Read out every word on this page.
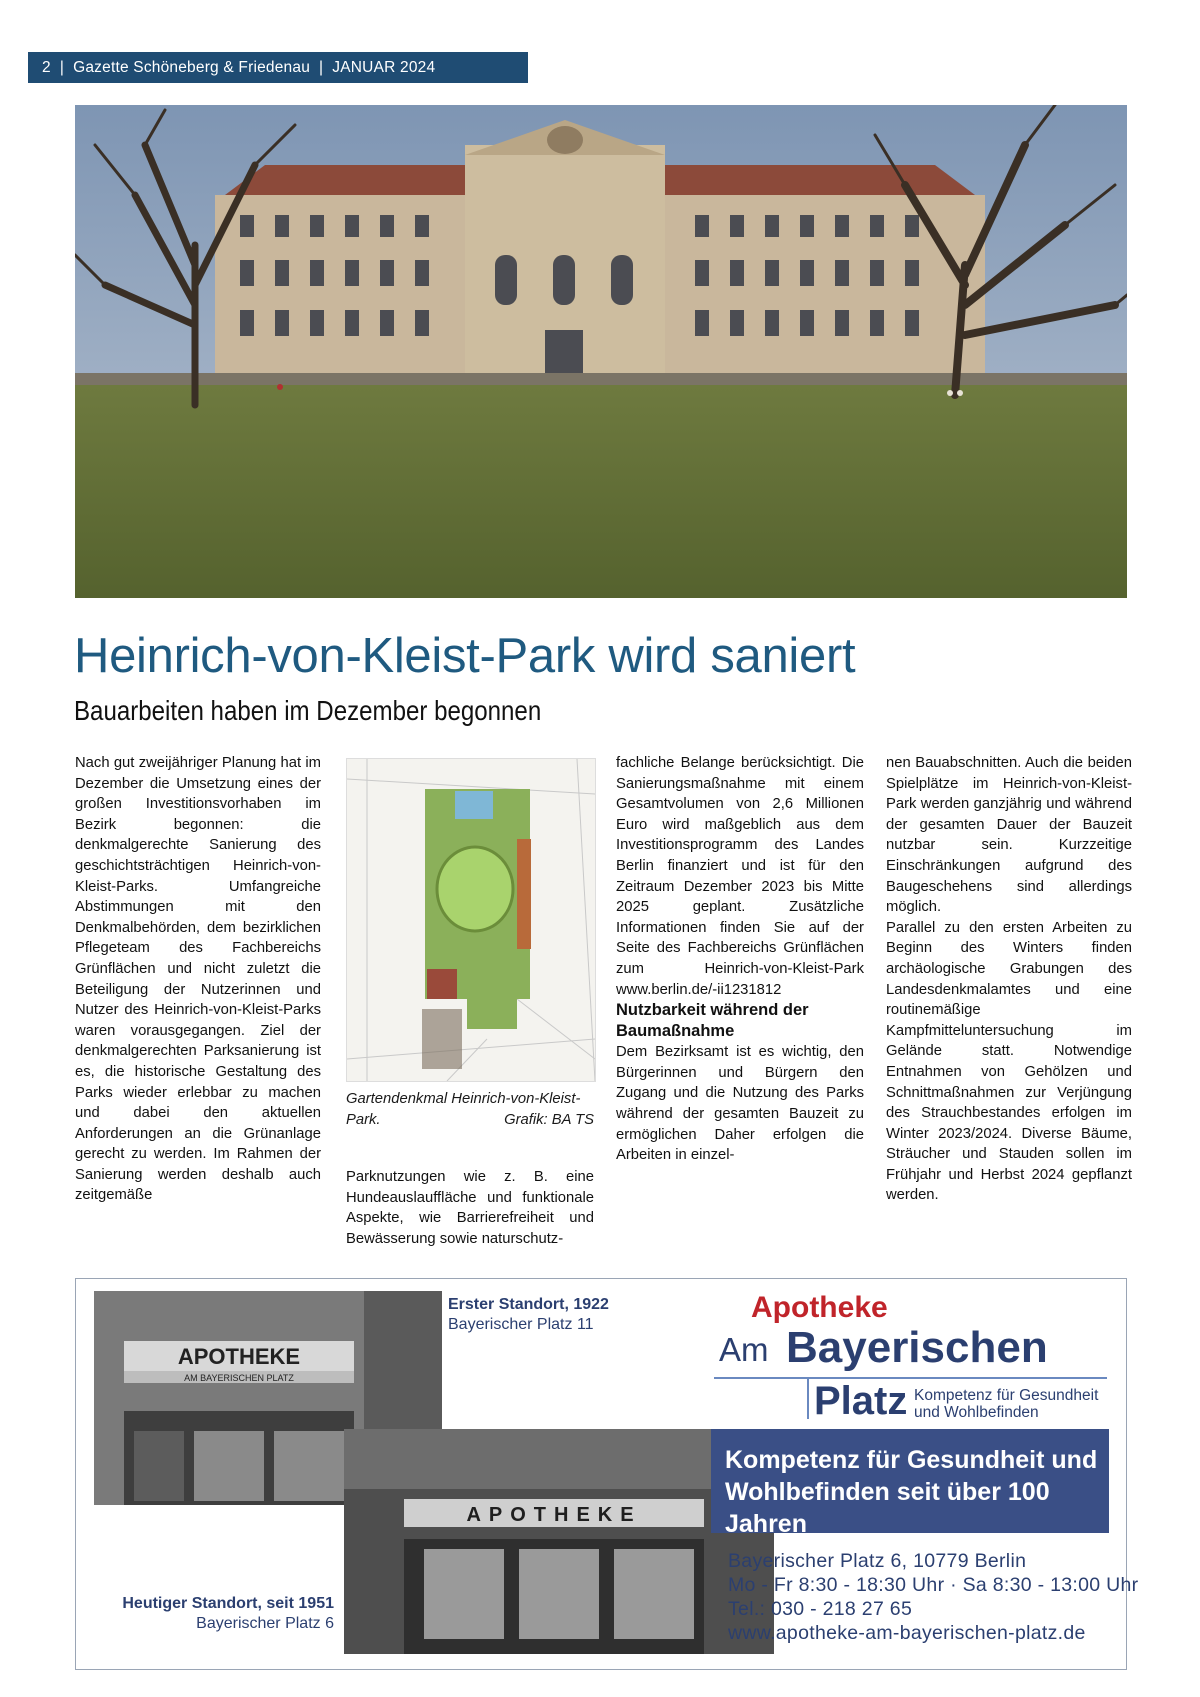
2  |  Gazette Schöneberg & Friedenau  |  JANUAR 2024
Heinrich-von-Kleist-Park wird saniert
Bauarbeiten haben im Dezember begonnen

Nach gut zweijähriger Planung hat im Dezember die Umsetzung eines der großen Investitionsvorhaben im Bezirk begonnen: die denkmalgerechte Sanierung des geschichtsträchtigen Heinrich-von-Kleist-Parks. Umfangreiche Abstimmungen mit den Denkmalbehörden, dem bezirklichen Pflegeteam des Fachbereichs Grünflächen und nicht zuletzt die Beteiligung der Nutzerinnen und Nutzer des Heinrich-von-Kleist-Parks waren vorausgegangen. Ziel der denkmalgerechten Parksanierung ist es, die historische Gestaltung des Parks wieder erlebbar zu machen und dabei den aktuellen Anforderungen an die Grünanlage gerecht zu werden. Im Rahmen der Sanierung werden deshalb auch zeitgemäße

Gartendenkmal Heinrich-von-Kleist-Park.	Grafik: BA TS

Parknutzungen wie z. B. eine Hundeauslauffläche und funktionale Aspekte, wie Barrierefreiheit und Bewässerung sowie naturschutz-

fachliche Belange berücksichtigt. Die Sanierungsmaßnahme mit einem Gesamtvolumen von 2,6 Millionen Euro wird maßgeblich aus dem Investitionsprogramm des Landes Berlin finanziert und ist für den Zeitraum Dezember 2023 bis Mitte 2025 geplant. Zusätzliche Informationen finden Sie auf der Seite des Fachbereichs Grünflächen zum Heinrich-von-Kleist-Park www.berlin.de/-ii1231812

Nutzbarkeit während der Baumaßnahme

Dem Bezirksamt ist es wichtig, den Bürgerinnen und Bürgern den Zugang und die Nutzung des Parks während der gesamten Bauzeit zu ermöglichen Daher erfolgen die Arbeiten in einzel-

nen Bauabschnitten. Auch die beiden Spielplätze im Heinrich-von-Kleist-Park werden ganzjährig und während der gesamten Dauer der Bauzeit nutzbar sein. Kurzzeitige Einschränkungen aufgrund des Baugeschehens sind allerdings möglich.

Parallel zu den ersten Arbeiten zu Beginn des Winters finden archäologische Grabungen des Landesdenkmalamtes und eine routinemäßige Kampfmitteluntersuchung im Gelände statt. Notwendige Entnahmen von Gehölzen und Schnittmaßnahmen zur Verjüngung des Strauchbestandes erfolgen im Winter 2023/2024. Diverse Bäume, Sträucher und Stauden sollen im Frühjahr und Herbst 2024 gepflanzt werden.

APOTHEKE
AM BAYERISCHEN PLATZ
APOTHEKE
Erster Standort, 1922
Bayerischer Platz 11
Heutiger Standort, seit 1951
Bayerischer Platz 6
Apotheke
Am Bayerischen
Platz Kompetenz für Gesundheit
und Wohlbefinden
Kompetenz für Gesundheit und
Wohlbefinden seit über 100 Jahren
Bayerischer Platz 6, 10779 Berlin
Mo - Fr 8:30 - 18:30 Uhr · Sa 8:30 - 13:00 Uhr
Tel.: 030 - 218 27 65
www.apotheke-am-bayerischen-platz.de
